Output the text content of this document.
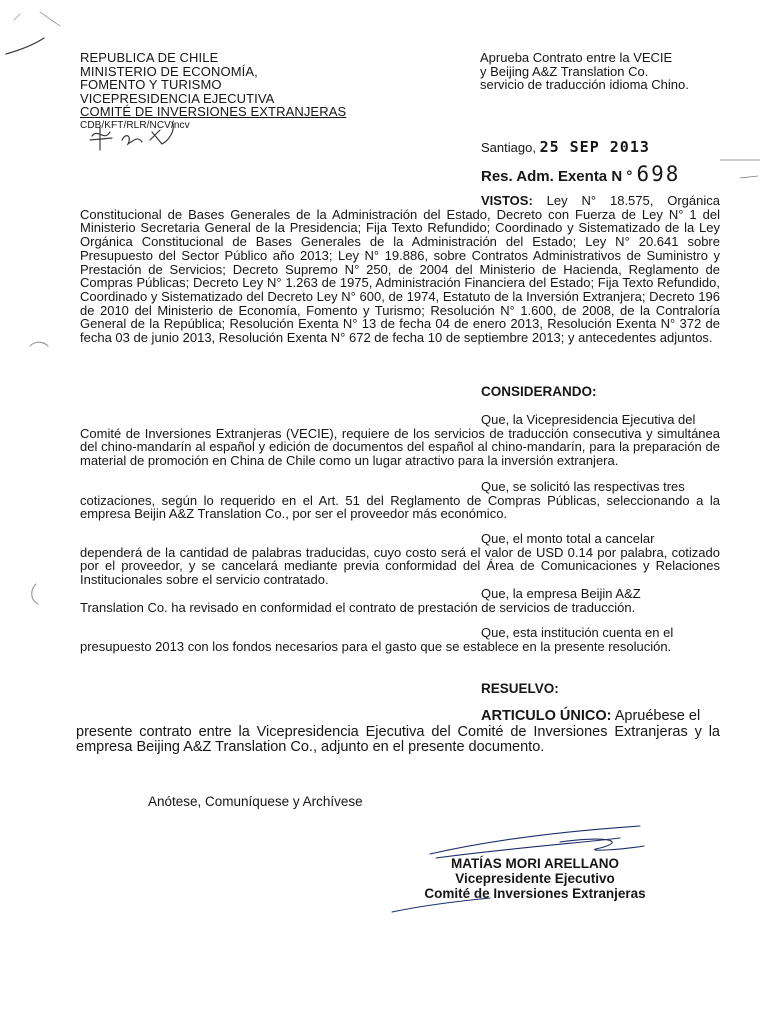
REPUBLICA DE CHILE
MINISTERIO DE ECONOMÍA,
FOMENTO Y TURISMO
VICEPRESIDENCIA EJECUTIVA
COMITÉ DE INVERSIONES EXTRANJERAS
CDB/KFT/RLR/NCV/ncv
Aprueba Contrato entre la VECIE
y Beijing A&Z Translation Co.
servicio de traducción idioma Chino.
Santiago, 25 SEP 2013
Res. Adm. Exenta N ° 698
VISTOS: Ley N° 18.575, Orgánica Constitucional de Bases Generales de la Administración del Estado, Decreto con Fuerza de Ley N° 1 del Ministerio Secretaria General de la Presidencia; Fija Texto Refundido; Coordinado y Sistematizado de la Ley Orgánica Constitucional de Bases Generales de la Administración del Estado; Ley N° 20.641 sobre Presupuesto del Sector Público año 2013; Ley N° 19.886, sobre Contratos Administrativos de Suministro y Prestación de Servicios; Decreto Supremo N° 250, de 2004 del Ministerio de Hacienda, Reglamento de Compras Públicas; Decreto Ley N° 1.263 de 1975, Administración Financiera del Estado; Fija Texto Refundido, Coordinado y Sistematizado del Decreto Ley N° 600, de 1974, Estatuto de la Inversión Extranjera; Decreto 196 de 2010 del Ministerio de Economía, Fomento y Turismo; Resolución N° 1.600, de 2008, de la Contraloría General de la República; Resolución Exenta N° 13 de fecha 04 de enero 2013, Resolución Exenta N° 372 de fecha 03 de junio 2013, Resolución Exenta N° 672 de fecha 10 de septiembre 2013; y antecedentes adjuntos.
CONSIDERANDO:
Que, la Vicepresidencia Ejecutiva del
Comité de Inversiones Extranjeras (VECIE), requiere de los servicios de traducción consecutiva y simultánea del chino-mandarín al español y edición de documentos del español al chino-mandarín, para la preparación de material de promoción en China de Chile como un lugar atractivo para la inversión extranjera.
Que, se solicitó las respectivas tres
cotizaciones, según lo requerido en el Art. 51 del Reglamento de Compras Públicas, seleccionando a la empresa Beijin A&Z Translation Co., por ser el proveedor más económico.
Que, el monto total a cancelar
dependerá de la cantidad de palabras traducidas, cuyo costo será el valor de USD 0.14 por palabra, cotizado por el proveedor, y se cancelará mediante previa conformidad del Área de Comunicaciones y Relaciones Institucionales sobre el servicio contratado.
Que, la empresa Beijin A&Z
Translation Co. ha revisado en conformidad el contrato de prestación de servicios de traducción.
Que, esta institución cuenta en el
presupuesto 2013 con los fondos necesarios para el gasto que se establece en la presente resolución.
RESUELVO:
ARTICULO ÚNICO: Apruébese el
presente contrato entre la Vicepresidencia Ejecutiva del Comité de Inversiones Extranjeras y la empresa Beijing A&Z Translation Co., adjunto en el presente documento.
Anótese, Comuníquese y Archívese
MATÍAS MORI ARELLANO
Vicepresidente Ejecutivo
Comité de Inversiones Extranjeras
